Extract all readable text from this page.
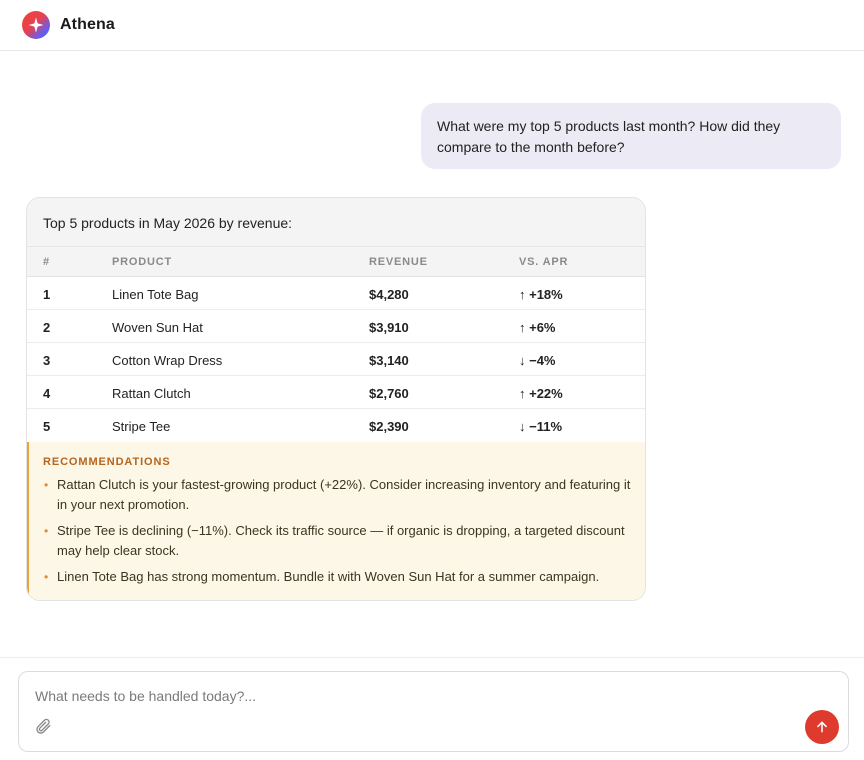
Athena
What were my top 5 products last month? How did they compare to the month before?
Top 5 products in May 2026 by revenue:
#	PRODUCT	REVENUE	VS. APR
1	Linen Tote Bag	$4,280	↑ +18%
2	Woven Sun Hat	$3,910	↑ +6%
3	Cotton Wrap Dress	$3,140	↓ −4%
4	Rattan Clutch	$2,760	↑ +22%
5	Stripe Tee	$2,390	↓ −11%
RECOMMENDATIONS
• Rattan Clutch is your fastest-growing product (+22%). Consider increasing inventory and featuring it in your next promotion.
• Stripe Tee is declining (−11%). Check its traffic source — if organic is dropping, a targeted discount may help clear stock.
• Linen Tote Bag has strong momentum. Bundle it with Woven Sun Hat for a summer campaign.
What needs to be handled today?...
